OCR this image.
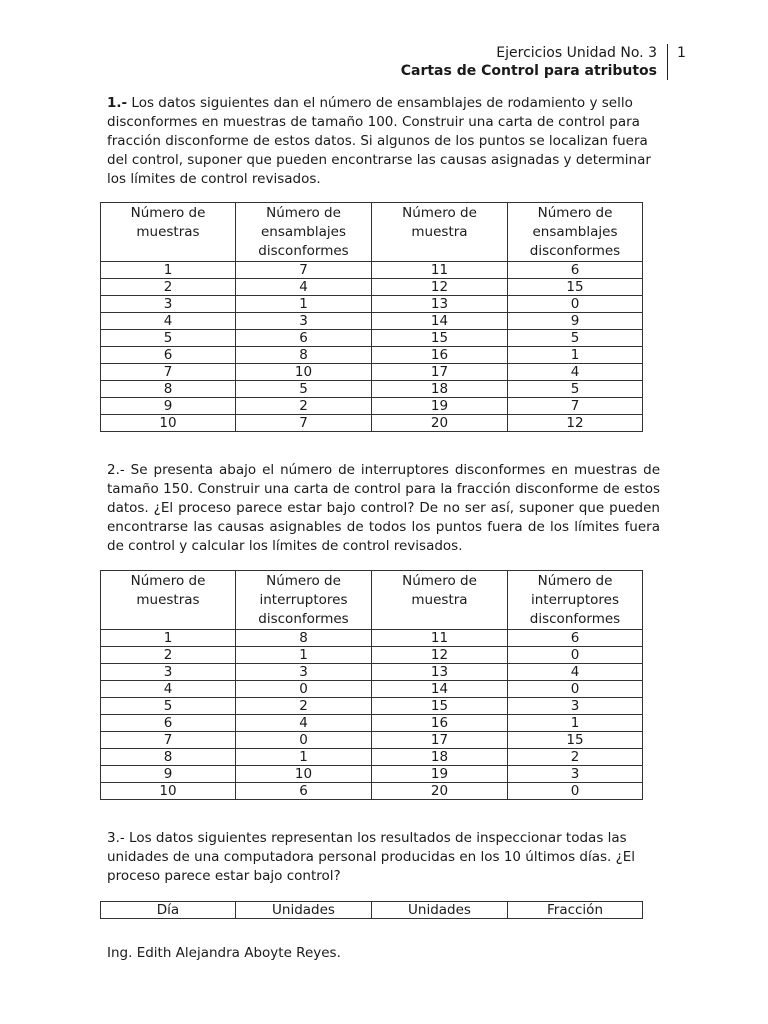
Ejercicios Unidad No. 3
Cartas de Control para atributos
1
1.- Los datos siguientes dan el número de ensamblajes de rodamiento y sello disconformes en muestras de tamaño 100. Construir una carta de control para fracción disconforme de estos datos. Si algunos de los puntos se localizan fuera del control, suponer que pueden encontrarse las causas asignadas y determinar los límites de control revisados.
Número de muestras	Número de ensamblajes disconformes	Número de muestra	Número de ensamblajes disconformes
1	7	11	6
2	4	12	15
3	1	13	0
4	3	14	9
5	6	15	5
6	8	16	1
7	10	17	4
8	5	18	5
9	2	19	7
10	7	20	12
2.- Se presenta abajo el número de interruptores disconformes en muestras de tamaño 150. Construir una carta de control para la fracción disconforme de estos datos. ¿El proceso parece estar bajo control? De no ser así, suponer que pueden encontrarse las causas asignables de todos los puntos fuera de los límites fuera de control y calcular los límites de control revisados.
Número de muestras	Número de interruptores disconformes	Número de muestra	Número de interruptores disconformes
1	8	11	6
2	1	12	0
3	3	13	4
4	0	14	0
5	2	15	3
6	4	16	1
7	0	17	15
8	1	18	2
9	10	19	3
10	6	20	0
3.- Los datos siguientes representan los resultados de inspeccionar todas las unidades de una computadora personal producidas en los 10 últimos días. ¿El proceso parece estar bajo control?
Día	Unidades	Unidades	Fracción
Ing. Edith Alejandra Aboyte Reyes.
